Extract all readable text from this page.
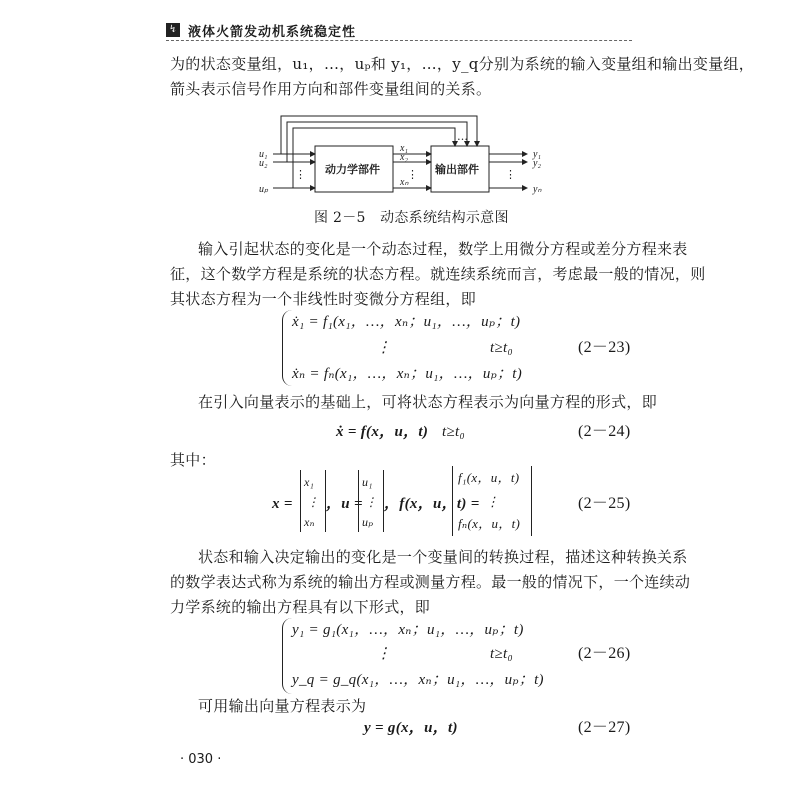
↯ 液体火箭发动机系统稳定性
为的状态变量组，u₁，…，uₚ和 y₁，…，y_q分别为系统的输入变量组和输出变量组，
箭头表示信号作用方向和部件变量组间的关系。
u₁
u₂
uₚ
x₁
x₂
xₙ
y₁
y₂
yₙ
⋮	⋮	⋮
…
动力学部件	输出部件
图 2－5　动态系统结构示意图
输入引起状态的变化是一个动态过程，数学上用微分方程或差分方程来表
征，这个数学方程是系统的状态方程。就连续系统而言，考虑最一般的情况，则
其状态方程为一个非线性时变微分方程组，即
ẋ₁ = f₁(x₁，…，xₙ；u₁，…，uₚ；t)
⋮
ẋₙ = fₙ(x₁，…，xₙ；u₁，…，uₚ；t)
t≥t₀	(2－23)
在引入向量表示的基础上，可将状态方程表示为向量方程的形式，即
ẋ = f(x，u，t) t≥t₀	(2－24)
其中：
x =
x₁
⋮
xₙ
，u =
u₁
⋮
uₚ
，f(x，u，t) =
f₁(x，u，t)
⋮
fₙ(x，u，t)
(2－25)
状态和输入决定输出的变化是一个变量间的转换过程，描述这种转换关系
的数学表达式称为系统的输出方程或测量方程。最一般的情况下，一个连续动
力学系统的输出方程具有以下形式，即
y₁ = g₁(x₁，…，xₙ；u₁，…，uₚ；t)
⋮
y_q = g_q(x₁，…，xₙ；u₁，…，uₚ；t)
t≥t₀	(2－26)
可用输出向量方程表示为
y = g(x，u，t)	(2－27)
· 030 ·
